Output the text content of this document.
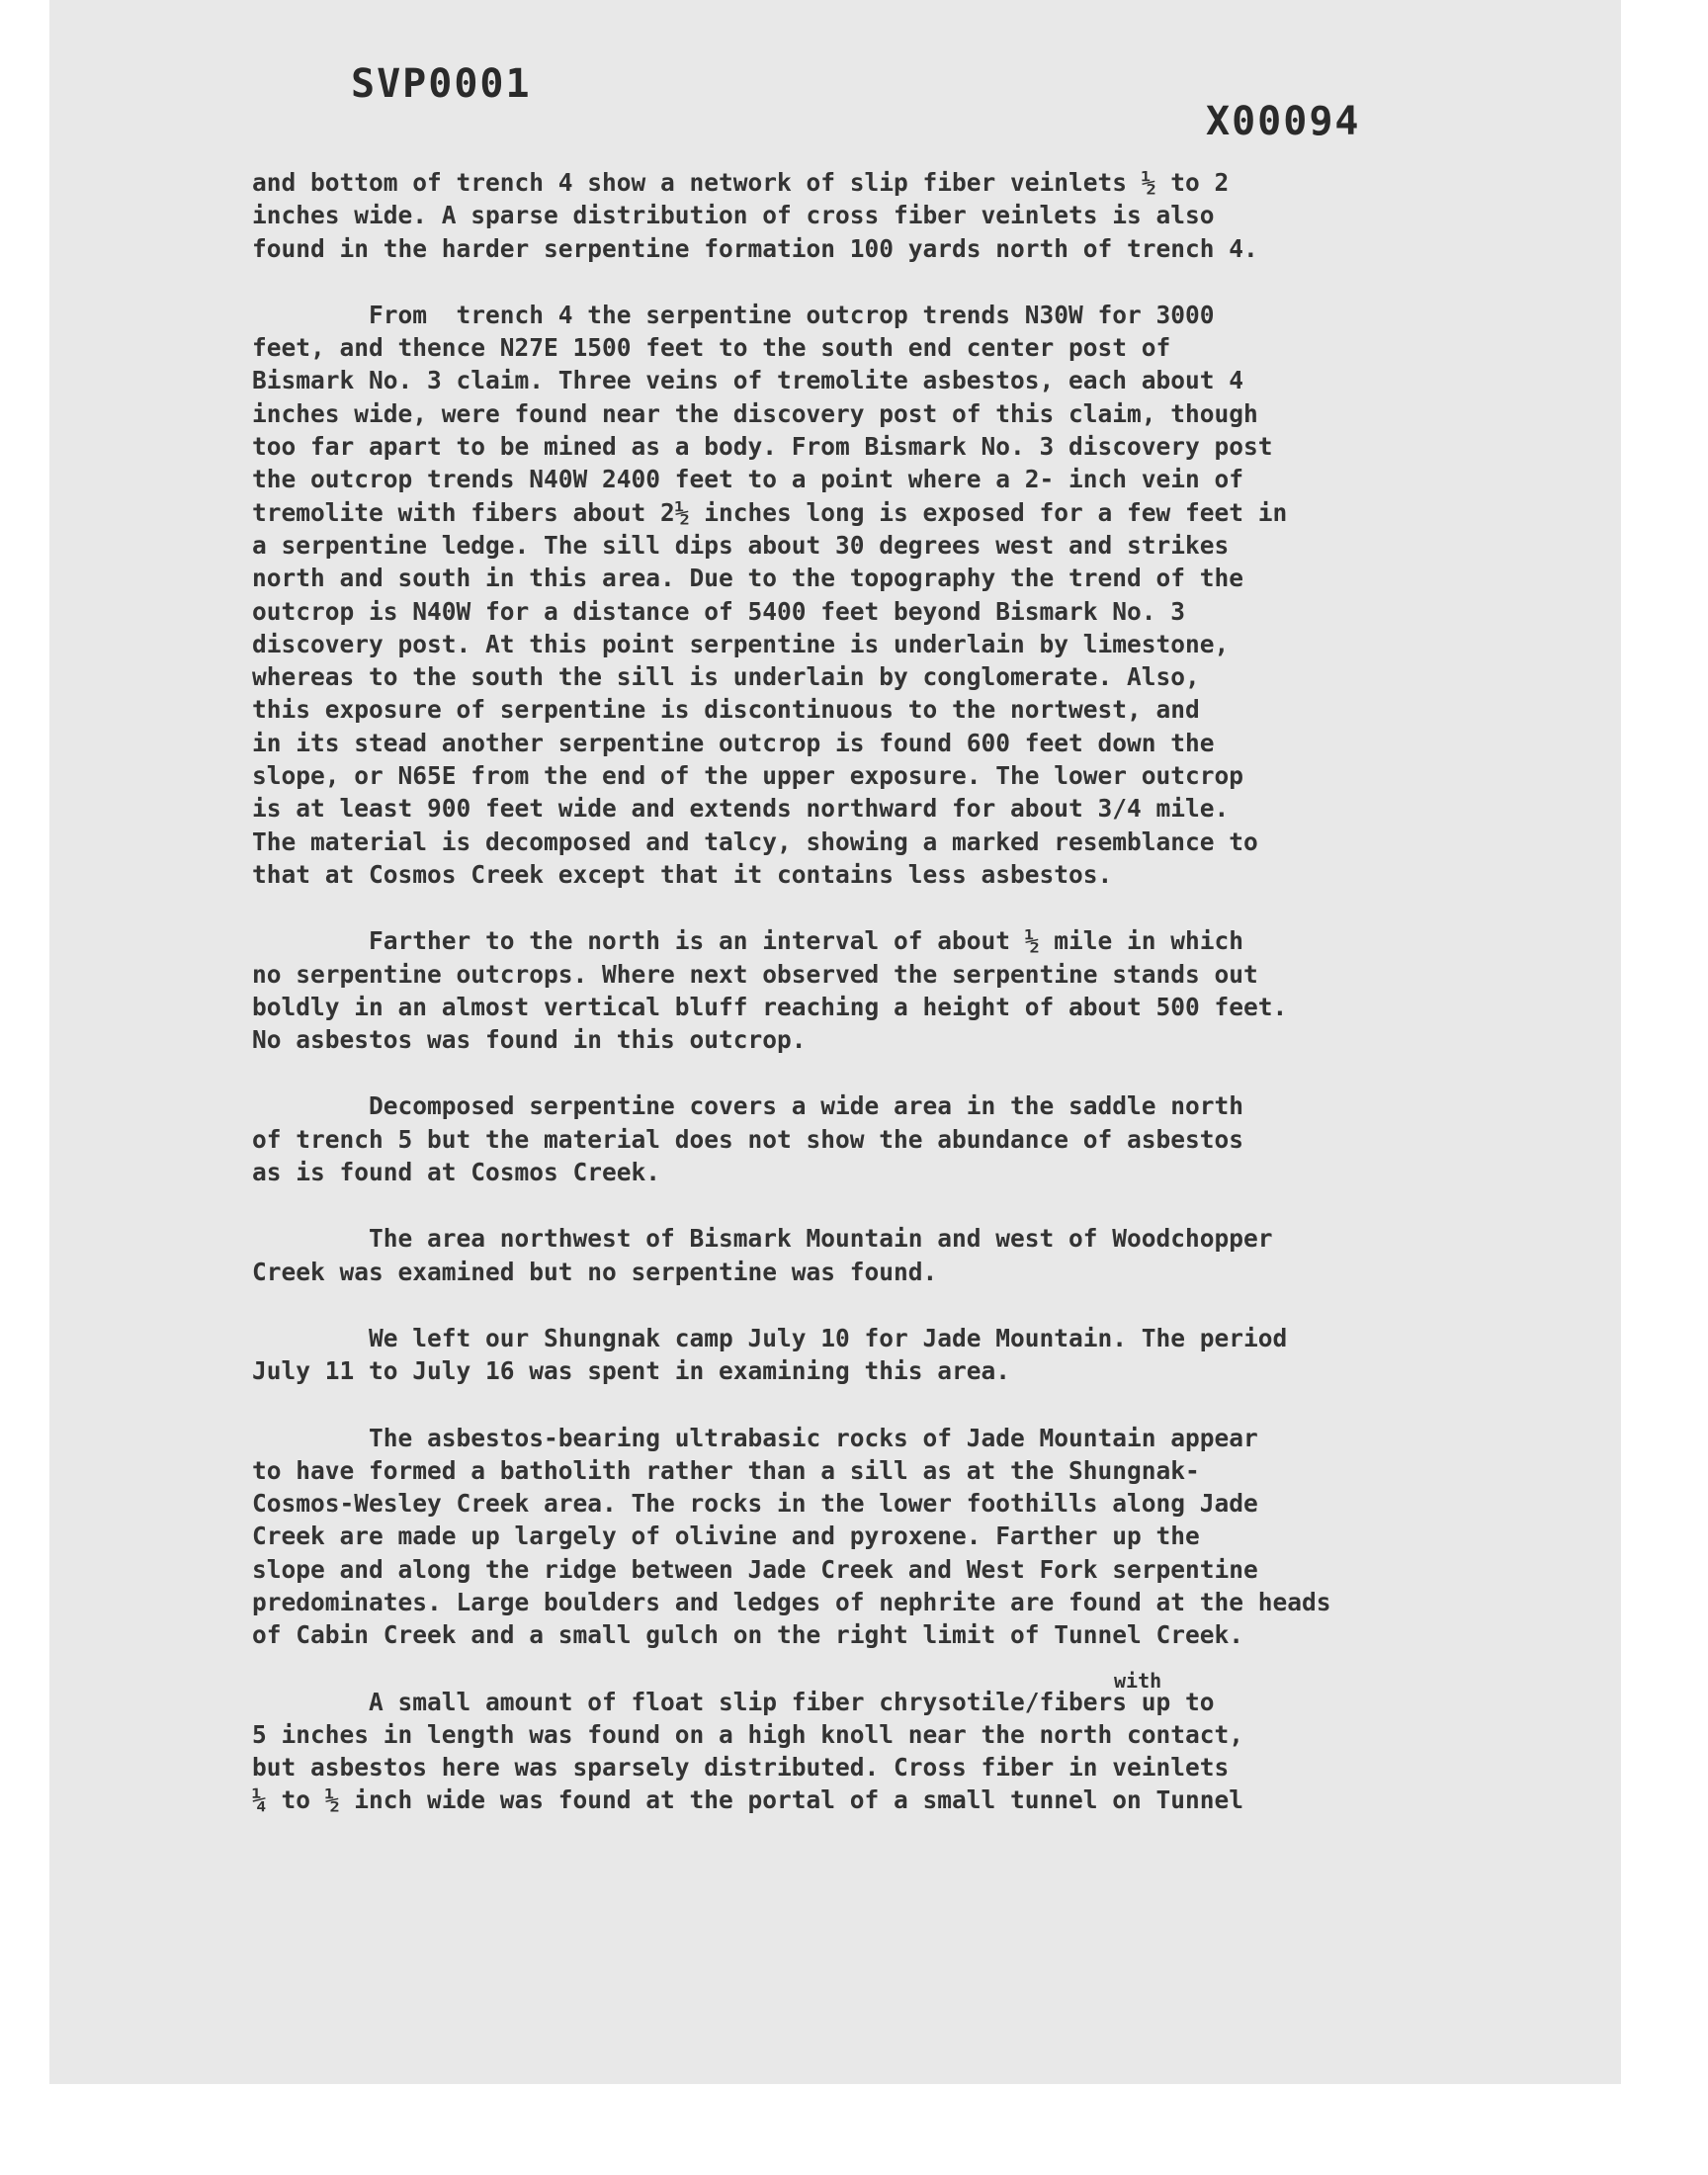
SVP0001
X00094

and bottom of trench 4 show a network of slip fiber veinlets ½ to 2
inches wide. A sparse distribution of cross fiber veinlets is also
found in the harder serpentine formation 100 yards north of trench 4.

From  trench 4 the serpentine outcrop trends N30W for 3000
feet, and thence N27E 1500 feet to the south end center post of
Bismark No. 3 claim. Three veins of tremolite asbestos, each about 4
inches wide, were found near the discovery post of this claim, though
too far apart to be mined as a body. From Bismark No. 3 discovery post
the outcrop trends N40W 2400 feet to a point where a 2- inch vein of
tremolite with fibers about 2½ inches long is exposed for a few feet in
a serpentine ledge. The sill dips about 30 degrees west and strikes
north and south in this area. Due to the topography the trend of the
outcrop is N40W for a distance of 5400 feet beyond Bismark No. 3
discovery post. At this point serpentine is underlain by limestone,
whereas to the south the sill is underlain by conglomerate. Also,
this exposure of serpentine is discontinuous to the nortwest, and
in its stead another serpentine outcrop is found 600 feet down the
slope, or N65E from the end of the upper exposure. The lower outcrop
is at least 900 feet wide and extends northward for about 3/4 mile.
The material is decomposed and talcy, showing a marked resemblance to
that at Cosmos Creek except that it contains less asbestos.

Farther to the north is an interval of about ½ mile in which
no serpentine outcrops. Where next observed the serpentine stands out
boldly in an almost vertical bluff reaching a height of about 500 feet.
No asbestos was found in this outcrop.

Decomposed serpentine covers a wide area in the saddle north
of trench 5 but the material does not show the abundance of asbestos
as is found at Cosmos Creek.

The area northwest of Bismark Mountain and west of Woodchopper
Creek was examined but no serpentine was found.

We left our Shungnak camp July 10 for Jade Mountain. The period
July 11 to July 16 was spent in examining this area.

The asbestos-bearing ultrabasic rocks of Jade Mountain appear
to have formed a batholith rather than a sill as at the Shungnak-
Cosmos-Wesley Creek area. The rocks in the lower foothills along Jade
Creek are made up largely of olivine and pyroxene. Farther up the
slope and along the ridge between Jade Creek and West Fork serpentine
predominates. Large boulders and ledges of nephrite are found at the heads
of Cabin Creek and a small gulch on the right limit of Tunnel Creek.

A small amount of float slip fiber chrysotile/fibers up to
5 inches in length was found on a high knoll near the north contact,
but asbestos here was sparsely distributed. Cross fiber in veinlets
¼ to ½ inch wide was found at the portal of a small tunnel on Tunnel

with
